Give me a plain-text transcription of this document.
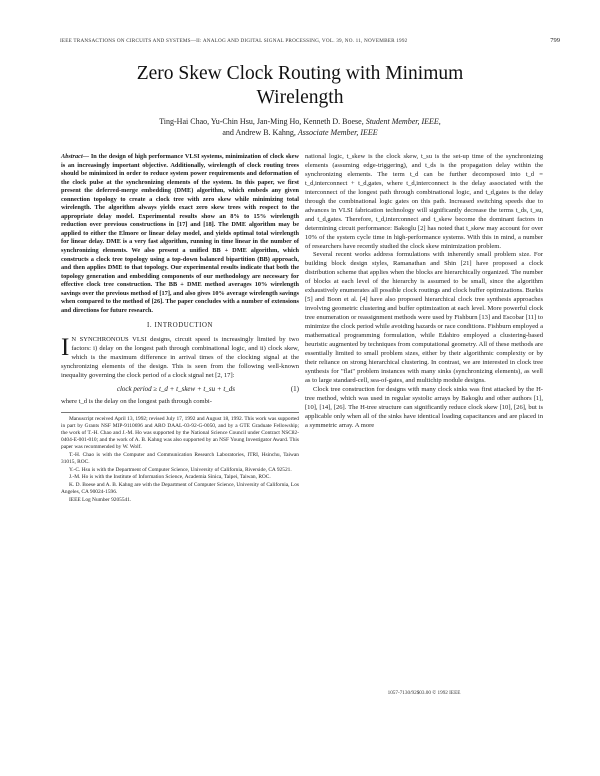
IEEE TRANSACTIONS ON CIRCUITS AND SYSTEMS—II: ANALOG AND DIGITAL SIGNAL PROCESSING, VOL. 39, NO. 11, NOVEMBER 1992	799
Zero Skew Clock Routing with Minimum
Wirelength
Ting-Hai Chao, Yu-Chin Hsu, Jan-Ming Ho, Kenneth D. Boese, Student Member, IEEE,
and Andrew B. Kahng, Associate Member, IEEE
Abstract— In the design of high performance VLSI systems, minimization of clock skew is an increasingly important objective. Additionally, wirelength of clock routing trees should be minimized in order to reduce system power requirements and deformation of the clock pulse at the synchronizing elements of the system. In this paper, we first present the deferred-merge embedding (DME) algorithm, which embeds any given connection topology to create a clock tree with zero skew while minimizing total wirelength. The algorithm always yields exact zero skew trees with respect to the appropriate delay model. Experimental results show an 8% to 15% wirelength reduction over previous constructions in [17] and [18]. The DME algorithm may be applied to either the Elmore or linear delay model, and yields optimal total wirelength for linear delay. DME is a very fast algorithm, running in time linear in the number of synchronizing elements. We also present a unified BB + DME algorithm, which constructs a clock tree topology using a top-down balanced bipartition (BB) approach, and then applies DME to that topology. Our experimental results indicate that both the topology generation and embedding components of our methodology are necessary for effective clock tree construction. The BB + DME method averages 10% wirelength savings over the previous method of [17], and also gives 10% average wirelength savings when compared to the method of [26]. The paper concludes with a number of extensions and directions for future research.
I. INTRODUCTION
I N SYNCHRONOUS VLSI designs, circuit speed is increasingly limited by two factors: i) delay on the longest path through combinational logic, and ii) clock skew, which is the maximum difference in arrival times of the clocking signal at the synchronizing elements of the design. This is seen from the following well-known inequality governing the clock period of a clock signal net [2, 17]:
clock period ≥ t_d + t_skew + t_su + t_ds	(1)

where t_d is the delay on the longest path through combi-

Manuscript received April 13, 1992; revised July 17, 1992 and August 18, 1992. This work was supported in part by Grants NSF MIP-9110696 and ARO DAAL-03-92-G-0050, and by a GTE Graduate Fellowship; the work of T.-H. Chao and J.-M. Ho was supported by the National Science Council under Contract NSC82-0404-E-001-010; and the work of A. B. Kahng was also supported by an NSF Young Investigator Award. This paper was recommended by W. Wolf.

T.-H. Chao is with the Computer and Communication Research Laboratories, ITRI, Hsinchu, Taiwan 31015, ROC.

Y.-C. Hsu is with the Department of Computer Science, University of California, Riverside, CA 92521.

J.-M. Ho is with the Institute of Information Science, Academia Sinica, Taipei, Taiwan, ROC.

K. D. Boese and A. B. Kahng are with the Department of Computer Science, University of California, Los Angeles, CA 90024-1596.

IEEE Log Number 9205541.

national logic, t_skew is the clock skew, t_su is the set-up time of the synchronizing elements (assuming edge-triggering), and t_ds is the propagation delay within the synchronizing elements. The term t_d can be further decomposed into t_d = t_d,interconnect + t_d,gates, where t_d,interconnect is the delay associated with the interconnect of the longest path through combinational logic, and t_d,gates is the delay through the combinational logic gates on this path. Increased switching speeds due to advances in VLSI fabrication technology will significantly decrease the terms t_ds, t_su, and t_d,gates. Therefore, t_d,interconnect and t_skew become the dominant factors in determining circuit performance: Bakoglu [2] has noted that t_skew may account for over 10% of the system cycle time in high-performance systems. With this in mind, a number of researchers have recently studied the clock skew minimization problem.

Several recent works address formulations with inherently small problem size. For building block design styles, Ramanathan and Shin [21] have proposed a clock distribution scheme that applies when the blocks are hierarchically organized. The number of blocks at each level of the hierarchy is assumed to be small, since the algorithm exhaustively enumerates all possible clock routings and clock buffer optimizations. Burkis [5] and Boon et al. [4] have also proposed hierarchical clock tree synthesis approaches involving geometric clustering and buffer optimization at each level. More powerful clock tree enumeration or reassignment methods were used by Fishburn [13] and Escobar [11] to minimize the clock period while avoiding hazards or race conditions. Fishburn employed a mathematical programming formulation, while Edahiro employed a clustering-based heuristic augmented by techniques from computational geometry. All of these methods are essentially limited to small problem sizes, either by their algorithmic complexity or by their reliance on strong hierarchical clustering. In contrast, we are interested in clock tree synthesis for "flat" problem instances with many sinks (synchronizing elements), as well as to large standard-cell, sea-of-gates, and multichip module designs.

Clock tree construction for designs with many clock sinks was first attacked by the H-tree method, which was used in regular systolic arrays by Bakoglu and other authors [1], [10], [14], [26]. The H-tree structure can significantly reduce clock skew [10], [26], but is applicable only when all of the sinks have identical loading capacitances and are placed in a symmetric array. A more

1057-7130/92$03.00 © 1992 IEEE
